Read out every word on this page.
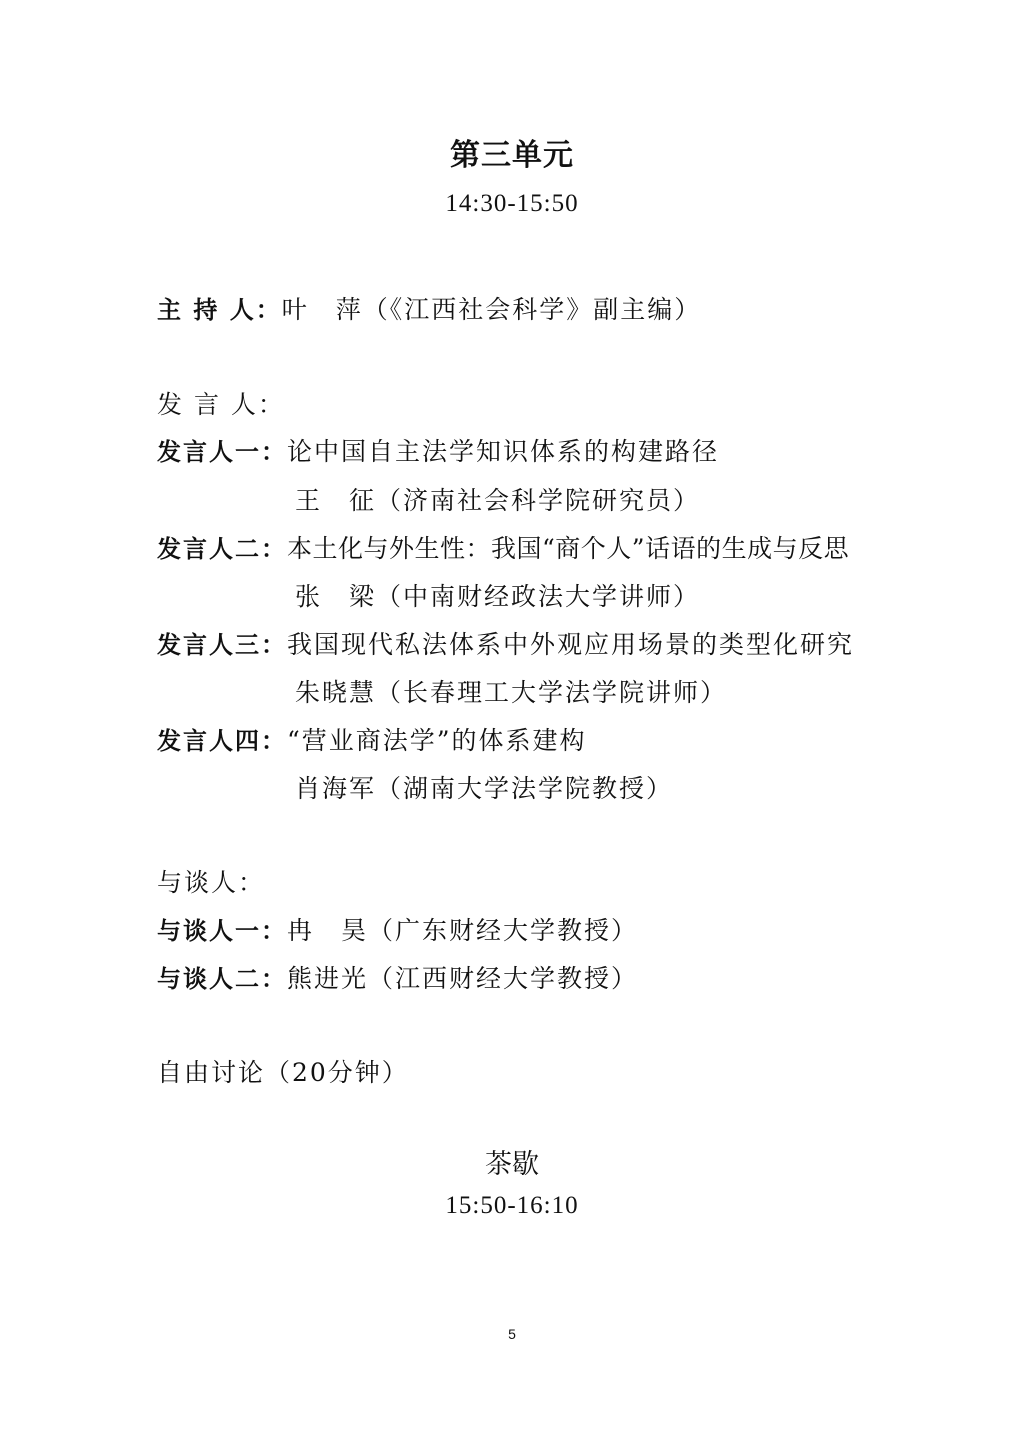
第三单元
14:30-15:50
主 持 人：叶　萍（《江西社会科学》副主编）
发 言 人：
发言人一：论中国自主法学知识体系的构建路径
王　征（济南社会科学院研究员）
发言人二：本土化与外生性：我国“商个人”话语的生成与反思
张　梁（中南财经政法大学讲师）
发言人三：我国现代私法体系中外观应用场景的类型化研究
朱晓慧（长春理工大学法学院讲师）
发言人四：“营业商法学”的体系建构
肖海军（湖南大学法学院教授）
与谈人：
与谈人一：冉　昊（广东财经大学教授）
与谈人二：熊进光（江西财经大学教授）
自由讨论（20分钟）
茶歇
15:50-16:10
5
